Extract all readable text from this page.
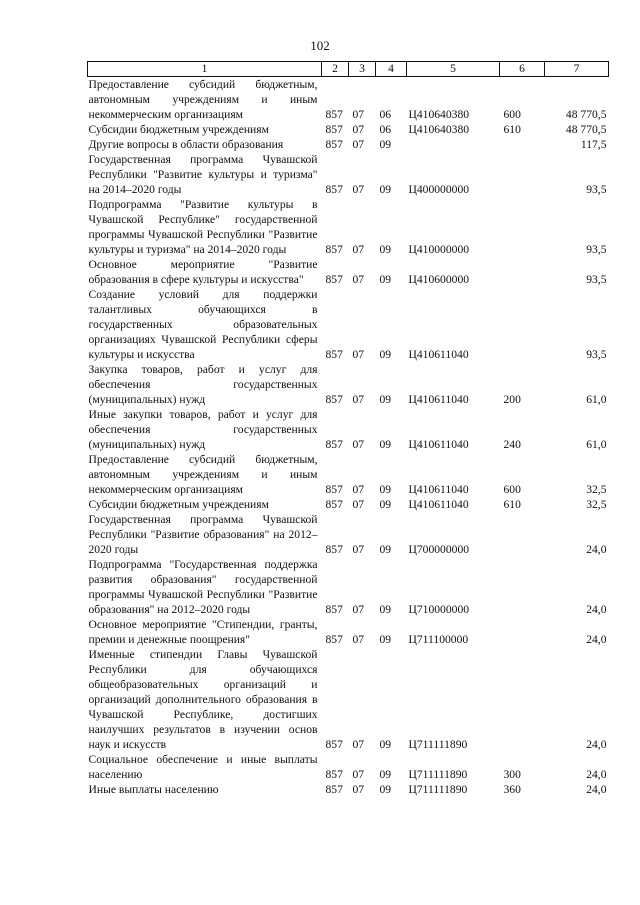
102
1	2	3	4	5	6	7
Предоставление субсидий бюджетным, автономным учреждениям и иным некоммерческим организациям	857	07	06	Ц410640380	600	48 770,5
Субсидии бюджетным учреждениям	857	07	06	Ц410640380	610	48 770,5
Другие вопросы в области образования	857	07	09			117,5
Государственная программа Чувашской Республики "Развитие культуры и туризма" на 2014–2020 годы	857	07	09	Ц400000000		93,5
Подпрограмма "Развитие культуры в Чувашской Республике" государственной программы Чувашской Республики "Развитие культуры и туризма" на 2014–2020 годы	857	07	09	Ц410000000		93,5
Основное мероприятие "Развитие образования в сфере культуры и искусства"	857	07	09	Ц410600000		93,5
Создание условий для поддержки талантливых обучающихся в государственных образовательных организациях Чувашской Республики сферы культуры и искусства	857	07	09	Ц410611040		93,5
Закупка товаров, работ и услуг для обеспечения государственных (муниципальных) нужд	857	07	09	Ц410611040	200	61,0
Иные закупки товаров, работ и услуг для обеспечения государственных (муниципальных) нужд	857	07	09	Ц410611040	240	61,0
Предоставление субсидий бюджетным, автономным учреждениям и иным некоммерческим организациям	857	07	09	Ц410611040	600	32,5
Субсидии бюджетным учреждениям	857	07	09	Ц410611040	610	32,5
Государственная программа Чувашской Республики "Развитие образования" на 2012–2020 годы	857	07	09	Ц700000000		24,0
Подпрограмма "Государственная поддержка развития образования" государственной программы Чувашской Республики "Развитие образования" на 2012–2020 годы	857	07	09	Ц710000000		24,0
Основное мероприятие "Стипендии, гранты, премии и денежные поощрения"	857	07	09	Ц711100000		24,0
Именные стипендии Главы Чувашской Республики для обучающихся общеобразовательных организаций и организаций дополнительного образования в Чувашской Республике, достигших наилучших результатов в изучении основ наук и искусств	857	07	09	Ц711111890		24,0
Социальное обеспечение и иные выплаты населению	857	07	09	Ц711111890	300	24,0
Иные выплаты населению	857	07	09	Ц711111890	360	24,0
